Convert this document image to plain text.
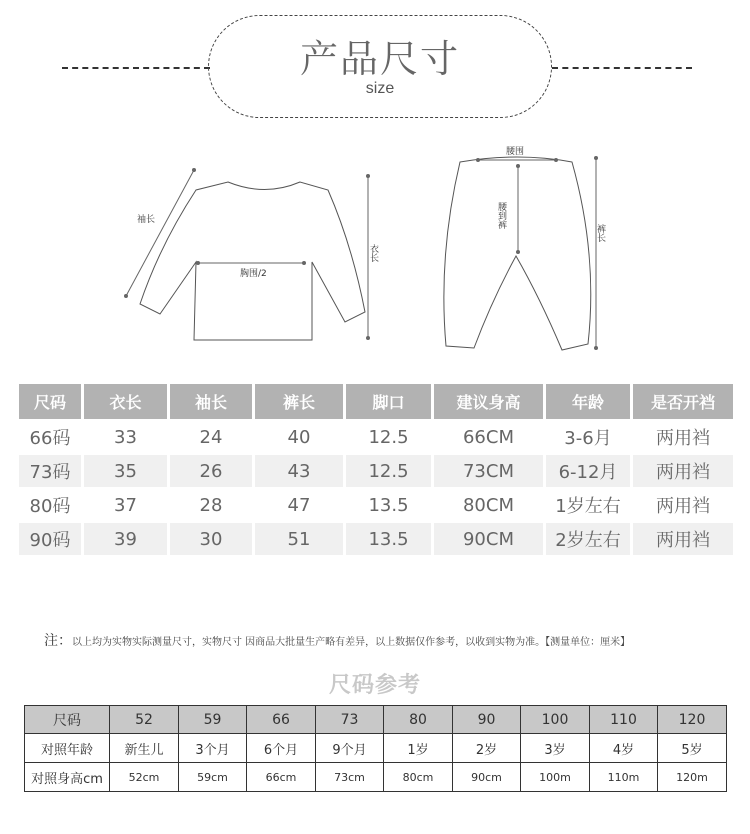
产品尺寸
size
袖长
胸围/2
衣长
腰围
腰到裤
裤长
尺码	衣长	袖长	裤长	脚口	建议身高	年龄	是否开裆
66码	33	24	40	12.5	66CM	3-6月	两用裆
73码	35	26	43	12.5	73CM	6-12月	两用裆
80码	37	28	47	13.5	80CM	1岁左右	两用裆
90码	39	30	51	13.5	90CM	2岁左右	两用裆
注：以上均为实物实际测量尺寸，实物尺寸 因商品大批量生产略有差异，以上数据仅作参考，以收到实物为准。【测量单位：厘米】
尺码参考
尺码	52	59	66	73	80	90	100	110	120
对照年龄	新生儿	3个月	6个月	9个月	1岁	2岁	3岁	4岁	5岁
对照身高cm	52cm	59cm	66cm	73cm	80cm	90cm	100m	110m	120m
